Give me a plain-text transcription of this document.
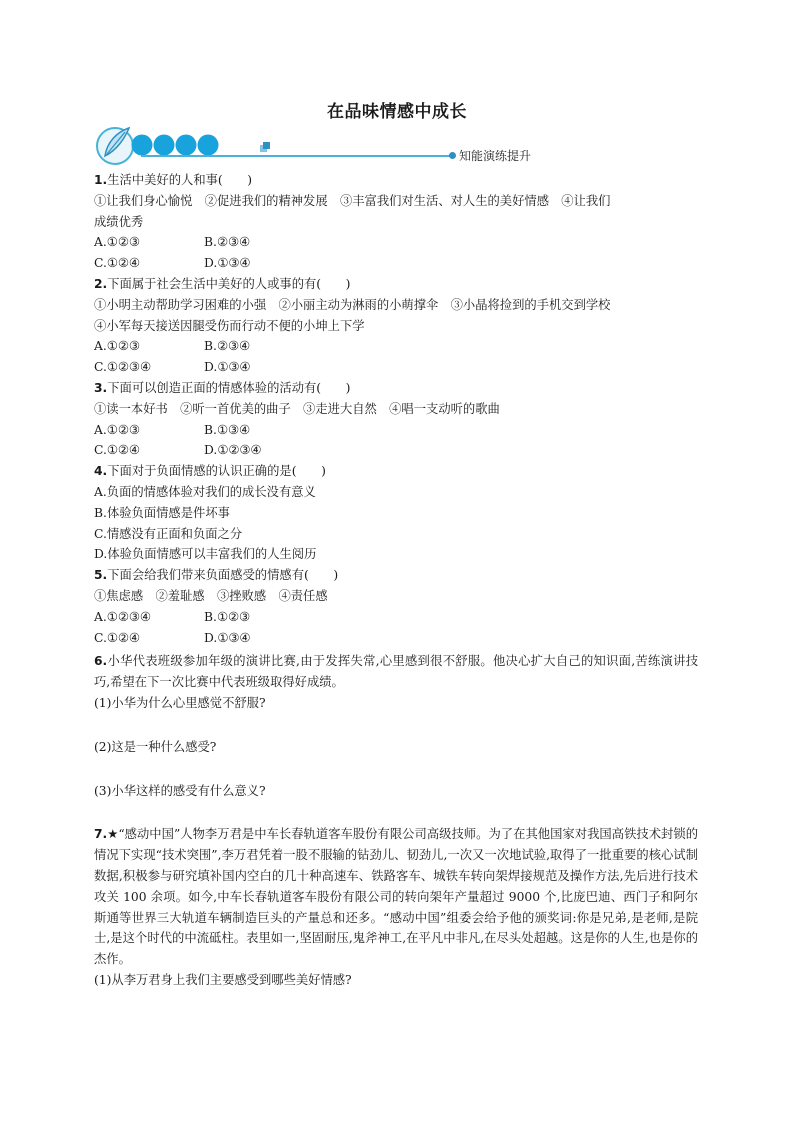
在品味情感中成长
知能演练提升

1.生活中美好的人和事(　　)

①让我们身心愉悦　②促进我们的精神发展　③丰富我们对生活、对人生的美好情感　④让我们

成绩优秀

A.①②③	B.②③④
C.①②④	D.①③④

2.下面属于社会生活中美好的人或事的有(　　)

①小明主动帮助学习困难的小强　②小丽主动为淋雨的小萌撑伞　③小晶将捡到的手机交到学校

④小军每天接送因腿受伤而行动不便的小坤上下学

A.①②③	B.②③④
C.①②③④	D.①③④

3.下面可以创造正面的情感体验的活动有(　　)

①读一本好书　②听一首优美的曲子　③走进大自然　④唱一支动听的歌曲

A.①②③	B.①③④
C.①②④	D.①②③④

4.下面对于负面情感的认识正确的是(　　)

A.负面的情感体验对我们的成长没有意义

B.体验负面情感是件坏事

C.情感没有正面和负面之分

D.体验负面情感可以丰富我们的人生阅历

5.下面会给我们带来负面感受的情感有(　　)

①焦虑感　②羞耻感　③挫败感　④责任感

A.①②③④	B.①②③
C.①②④	D.①③④

6.小华代表班级参加年级的演讲比赛,由于发挥失常,心里感到很不舒服。他决心扩大自己的知识面,苦练演讲技巧,希望在下一次比赛中代表班级取得好成绩。

(1)小华为什么心里感觉不舒服?

(2)这是一种什么感受?

(3)小华这样的感受有什么意义?

7.★“感动中国”人物李万君是中车长春轨道客车股份有限公司高级技师。为了在其他国家对我国高铁技术封锁的情况下实现“技术突围”,李万君凭着一股不服输的钻劲儿、韧劲儿,一次又一次地试验,取得了一批重要的核心试制数据,积极参与研究填补国内空白的几十种高速车、铁路客车、城铁车转向架焊接规范及操作方法,先后进行技术攻关 100 余项。如今,中车长春轨道客车股份有限公司的转向架年产量超过 9000 个,比庞巴迪、西门子和阿尔斯通等世界三大轨道车辆制造巨头的产量总和还多。“感动中国”组委会给予他的颁奖词:你是兄弟,是老师,是院士,是这个时代的中流砥柱。表里如一,坚固耐压,鬼斧神工,在平凡中非凡,在尽头处超越。这是你的人生,也是你的杰作。

(1)从李万君身上我们主要感受到哪些美好情感?
